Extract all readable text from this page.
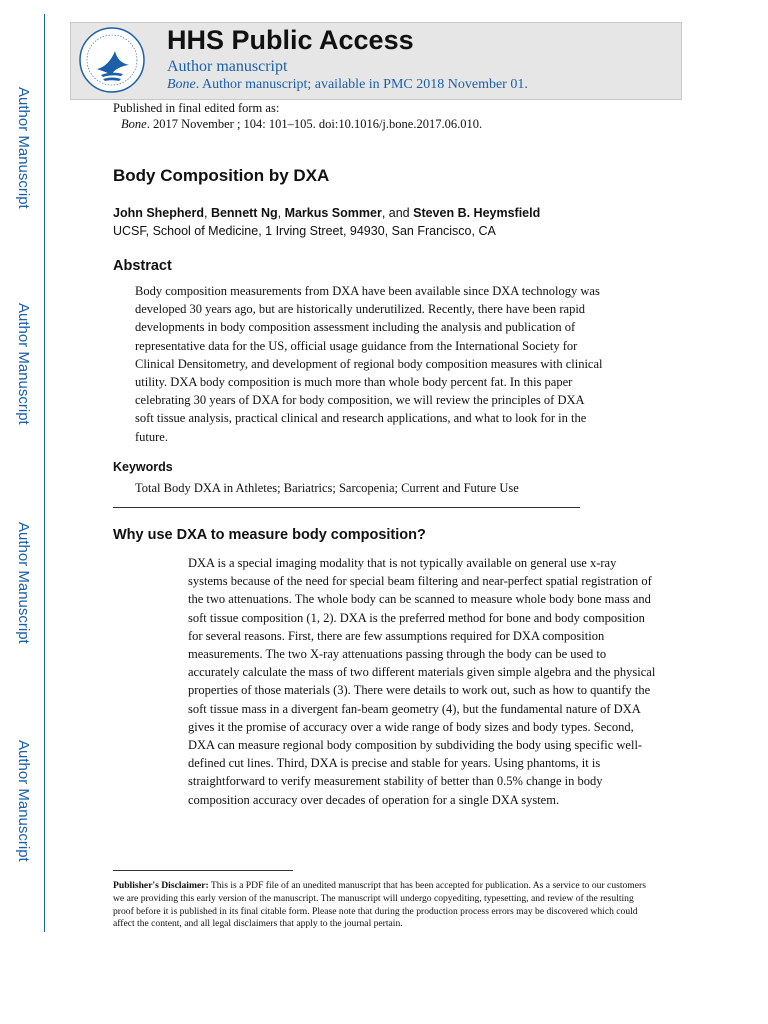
Author Manuscript
Author Manuscript
Author Manuscript
Author Manuscript
HHS Public Access
Author manuscript
Bone. Author manuscript; available in PMC 2018 November 01.
Published in final edited form as:
Bone. 2017 November ; 104: 101–105. doi:10.1016/j.bone.2017.06.010.
Body Composition by DXA
John Shepherd, Bennett Ng, Markus Sommer, and Steven B. Heymsfield
UCSF, School of Medicine, 1 Irving Street, 94930, San Francisco, CA
Abstract
Body composition measurements from DXA have been available since DXA technology was developed 30 years ago, but are historically underutilized. Recently, there have been rapid developments in body composition assessment including the analysis and publication of representative data for the US, official usage guidance from the International Society for Clinical Densitometry, and development of regional body composition measures with clinical utility. DXA body composition is much more than whole body percent fat. In this paper celebrating 30 years of DXA for body composition, we will review the principles of DXA soft tissue analysis, practical clinical and research applications, and what to look for in the future.
Keywords
Total Body DXA in Athletes; Bariatrics; Sarcopenia; Current and Future Use
Why use DXA to measure body composition?
DXA is a special imaging modality that is not typically available on general use x-ray systems because of the need for special beam filtering and near-perfect spatial registration of the two attenuations. The whole body can be scanned to measure whole body bone mass and soft tissue composition (1, 2). DXA is the preferred method for bone and body composition for several reasons. First, there are few assumptions required for DXA composition measurements. The two X-ray attenuations passing through the body can be used to accurately calculate the mass of two different materials given simple algebra and the physical properties of those materials (3). There were details to work out, such as how to quantify the soft tissue mass in a divergent fan-beam geometry (4), but the fundamental nature of DXA gives it the promise of accuracy over a wide range of body sizes and body types. Second, DXA can measure regional body composition by subdividing the body using specific well-defined cut lines. Third, DXA is precise and stable for years. Using phantoms, it is straightforward to verify measurement stability of better than 0.5% change in body composition accuracy over decades of operation for a single DXA system.
Publisher's Disclaimer: This is a PDF file of an unedited manuscript that has been accepted for publication. As a service to our customers we are providing this early version of the manuscript. The manuscript will undergo copyediting, typesetting, and review of the resulting proof before it is published in its final citable form. Please note that during the production process errors may be discovered which could affect the content, and all legal disclaimers that apply to the journal pertain.
